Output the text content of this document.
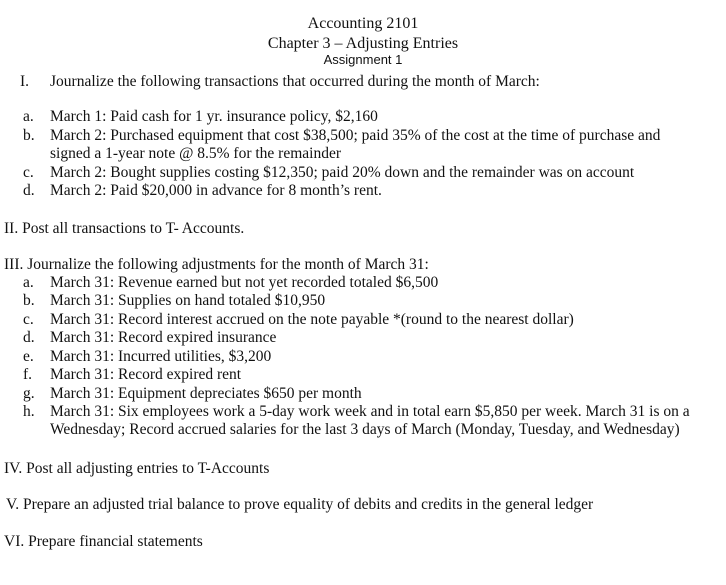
Accounting 2101
Chapter 3 – Adjusting Entries
Assignment 1
I. Journalize the following transactions that occurred during the month of March:
a.	March 1: Paid cash for 1 yr. insurance policy, $2,160
b. March 2: Purchased equipment that cost $38,500; paid 35% of the cost at the time of purchase and
signed a 1-year note @ 8.5% for the remainder
c.	March 2: Bought supplies costing $12,350; paid 20% down and the remainder was on account
d. March 2: Paid $20,000 in advance for 8 month’s rent.
II. Post all transactions to T- Accounts.
III. Journalize the following adjustments for the month of March 31:
a.	March 31: Revenue earned but not yet recorded totaled $6,500
b. March 31: Supplies on hand totaled $10,950
c.	March 31: Record interest accrued on the note payable *(round to the nearest dollar)
d. March 31: Record expired insurance
e.	March 31: Incurred utilities, $3,200
f.	March 31: Record expired rent
g. March 31: Equipment depreciates $650 per month
h. March 31: Six employees work a 5-day work week and in total earn $5,850 per week. March 31 is on a
Wednesday; Record accrued salaries for the last 3 days of March (Monday, Tuesday, and Wednesday)
IV. Post all adjusting entries to T-Accounts
V. Prepare an adjusted trial balance to prove equality of debits and credits in the general ledger
VI. Prepare financial statements
